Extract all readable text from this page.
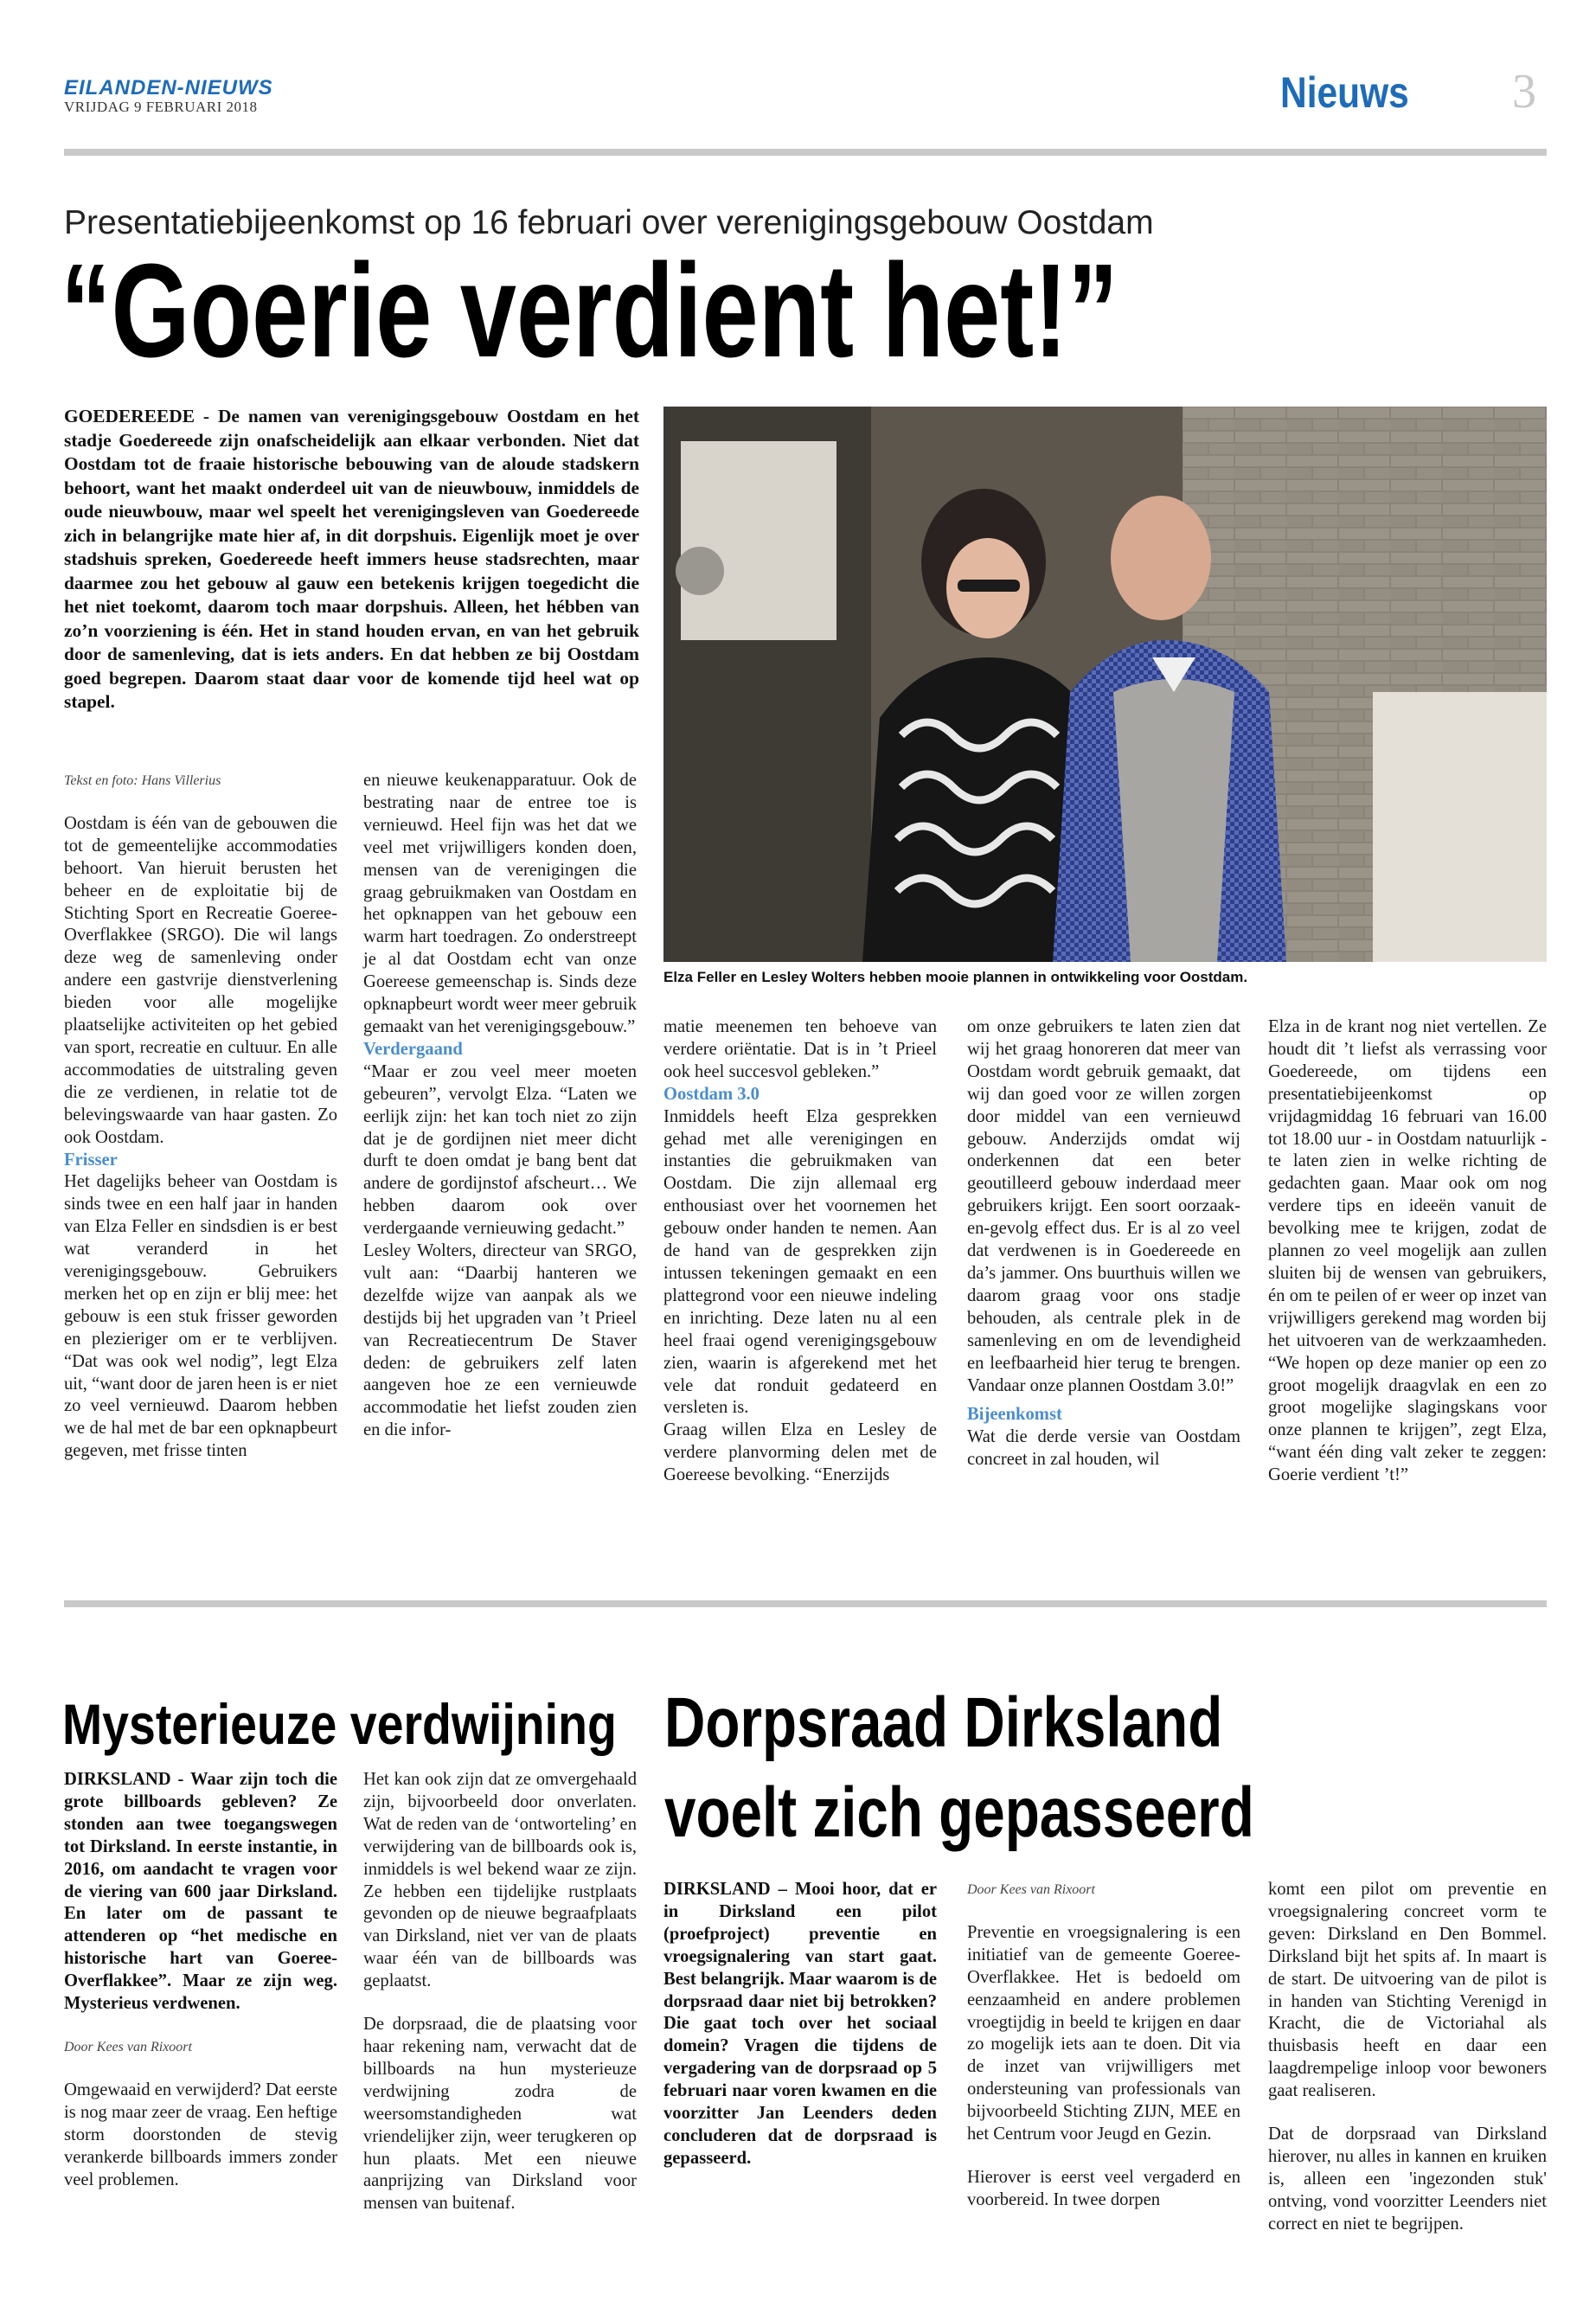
EILANDEN-NIEUWS
VRIJDAG 9 FEBRUARI 2018	Nieuws 3
Presentatiebijeenkomst op 16 februari over verenigingsgebouw Oostdam
“Goerie verdient het!”
GOEDEREEDE - De namen van verenigingsgebouw Oostdam en het stadje Goedereede zijn onafscheidelijk aan elkaar verbonden. Niet dat Oostdam tot de fraaie historische bebouwing van de aloude stadskern behoort, want het maakt onderdeel uit van de nieuwbouw, inmiddels de oude nieuwbouw, maar wel speelt het verenigingsleven van Goedereede zich in belangrijke mate hier af, in dit dorpshuis. Eigenlijk moet je over stadshuis spreken, Goedereede heeft immers heuse stadsrechten, maar daarmee zou het gebouw al gauw een betekenis krijgen toegedicht die het niet toekomt, daarom toch maar dorpshuis. Alleen, het hébben van zo’n voorziening is één. Het in stand houden ervan, en van het gebruik door de samenleving, dat is iets anders. En dat hebben ze bij Oostdam goed begrepen. Daarom staat daar voor de komende tijd heel wat op stapel.
Elza Feller en Lesley Wolters hebben mooie plannen in ontwikkeling voor Oostdam.

Tekst en foto: Hans Villerius

Oostdam is één van de gebouwen die tot de gemeentelijke accommodaties behoort. Van hieruit berusten het beheer en de exploitatie bij de Stichting Sport en Recreatie Goeree-Overflakkee (SRGO). Die wil langs deze weg de samenleving onder andere een gastvrije dienstverlening bieden voor alle mogelijke plaatselijke activiteiten op het gebied van sport, recreatie en cultuur. En alle accommodaties de uitstraling geven die ze verdienen, in relatie tot de belevingswaarde van haar gasten. Zo ook Oostdam.

Frisser

Het dagelijks beheer van Oostdam is sinds twee en een half jaar in handen van Elza Feller en sindsdien is er best wat veranderd in het verenigingsgebouw. Gebruikers merken het op en zijn er blij mee: het gebouw is een stuk frisser geworden en plezieriger om er te verblijven. “Dat was ook wel nodig”, legt Elza uit, “want door de jaren heen is er niet zo veel vernieuwd. Daarom hebben we de hal met de bar een opknapbeurt gegeven, met frisse tinten

en nieuwe keukenapparatuur. Ook de bestrating naar de entree toe is vernieuwd. Heel fijn was het dat we veel met vrijwilligers konden doen, mensen van de verenigingen die graag gebruikmaken van Oostdam en het opknappen van het gebouw een warm hart toedragen. Zo onderstreept je al dat Oostdam echt van onze Goereese gemeenschap is. Sinds deze opknapbeurt wordt weer meer gebruik gemaakt van het verenigingsgebouw.”

Verdergaand

“Maar er zou veel meer moeten gebeuren”, vervolgt Elza. “Laten we eerlijk zijn: het kan toch niet zo zijn dat je de gordijnen niet meer dicht durft te doen omdat je bang bent dat andere de gordijnstof afscheurt… We hebben daarom ook over verdergaande vernieuwing gedacht.”

Lesley Wolters, directeur van SRGO, vult aan: “Daarbij hanteren we dezelfde wijze van aanpak als we destijds bij het upgraden van ’t Prieel van Recreatiecentrum De Staver deden: de gebruikers zelf laten aangeven hoe ze een vernieuwde accommodatie het liefst zouden zien en die infor-

matie meenemen ten behoeve van verdere oriëntatie. Dat is in ’t Prieel ook heel succesvol gebleken.”

Oostdam 3.0

Inmiddels heeft Elza gesprekken gehad met alle verenigingen en instanties die gebruikmaken van Oostdam. Die zijn allemaal erg enthousiast over het voornemen het gebouw onder handen te nemen. Aan de hand van de gesprekken zijn intussen tekeningen gemaakt en een plattegrond voor een nieuwe indeling en inrichting. Deze laten nu al een heel fraai ogend verenigingsgebouw zien, waarin is afgerekend met het vele dat ronduit gedateerd en versleten is.

Graag willen Elza en Lesley de verdere planvorming delen met de Goereese bevolking. “Enerzijds

om onze gebruikers te laten zien dat wij het graag honoreren dat meer van Oostdam wordt gebruik gemaakt, dat wij dan goed voor ze willen zorgen door middel van een vernieuwd gebouw. Anderzijds omdat wij onderkennen dat een beter geoutilleerd gebouw inderdaad meer gebruikers krijgt. Een soort oorzaak-en-gevolg effect dus. Er is al zo veel dat verdwenen is in Goedereede en da’s jammer. Ons buurthuis willen we daarom graag voor ons stadje behouden, als centrale plek in de samenleving en om de levendigheid en leefbaarheid hier terug te brengen. Vandaar onze plannen Oostdam 3.0!”

Bijeenkomst

Wat die derde versie van Oostdam concreet in zal houden, wil

Elza in de krant nog niet vertellen. Ze houdt dit ’t liefst als verrassing voor Goedereede, om tijdens een presentatiebijeenkomst op vrijdagmiddag 16 februari van 16.00 tot 18.00 uur - in Oostdam natuurlijk - te laten zien in welke richting de gedachten gaan. Maar ook om nog verdere tips en ideeën vanuit de bevolking mee te krijgen, zodat de plannen zo veel mogelijk aan zullen sluiten bij de wensen van gebruikers, én om te peilen of er weer op inzet van vrijwilligers gerekend mag worden bij het uitvoeren van de werkzaamheden. “We hopen op deze manier op een zo groot mogelijk draagvlak en een zo groot mogelijke slagingskans voor onze plannen te krijgen”, zegt Elza, “want één ding valt zeker te zeggen: Goerie verdient ’t!”

Mysterieuze verdwijning

DIRKSLAND - Waar zijn toch die grote billboards gebleven? Ze stonden aan twee toegangswegen tot Dirksland. In eerste instantie, in 2016, om aandacht te vragen voor de viering van 600 jaar Dirksland. En later om de passant te attenderen op “het medische en historische hart van Goeree-Overflakkee”. Maar ze zijn weg. Mysterieus verdwenen.

Door Kees van Rixoort

Omgewaaid en verwijderd? Dat eerste is nog maar zeer de vraag. Een heftige storm doorstonden de stevig verankerde billboards immers zonder veel problemen.

Het kan ook zijn dat ze omvergehaald zijn, bijvoorbeeld door onverlaten. Wat de reden van de ‘ontworteling’ en verwijdering van de billboards ook is, inmiddels is wel bekend waar ze zijn. Ze hebben een tijdelijke rustplaats gevonden op de nieuwe begraafplaats van Dirksland, niet ver van de plaats waar één van de billboards was geplaatst.

De dorpsraad, die de plaatsing voor haar rekening nam, verwacht dat de billboards na hun mysterieuze verdwijning zodra de weersomstandigheden wat vriendelijker zijn, weer terugkeren op hun plaats. Met een nieuwe aanprijzing van Dirksland voor mensen van buitenaf.

Dorpsraad Dirksland
voelt zich gepasseerd

DIRKSLAND – Mooi hoor, dat er in Dirksland een pilot (proefproject) preventie en vroegsignalering van start gaat. Best belangrijk. Maar waarom is de dorpsraad daar niet bij betrokken? Die gaat toch over het sociaal domein? Vragen die tijdens de vergadering van de dorpsraad op 5 februari naar voren kwamen en die voorzitter Jan Leenders deden concluderen dat de dorpsraad is gepasseerd.

Door Kees van Rixoort

Preventie en vroegsignalering is een initiatief van de gemeente Goeree-Overflakkee. Het is bedoeld om eenzaamheid en andere problemen vroegtijdig in beeld te krijgen en daar zo mogelijk iets aan te doen. Dit via de inzet van vrijwilligers met ondersteuning van professionals van bijvoorbeeld Stichting ZIJN, MEE en het Centrum voor Jeugd en Gezin.

Hierover is eerst veel vergaderd en voorbereid. In twee dorpen

komt een pilot om preventie en vroegsignalering concreet vorm te geven: Dirksland en Den Bommel. Dirksland bijt het spits af. In maart is de start. De uitvoering van de pilot is in handen van Stichting Verenigd in Kracht, die de Victoriahal als thuisbasis heeft en daar een laagdrempelige inloop voor bewoners gaat realiseren.

Dat de dorpsraad van Dirksland hierover, nu alles in kannen en kruiken is, alleen een 'ingezonden stuk' ontving, vond voorzitter Leenders niet correct en niet te begrijpen.
